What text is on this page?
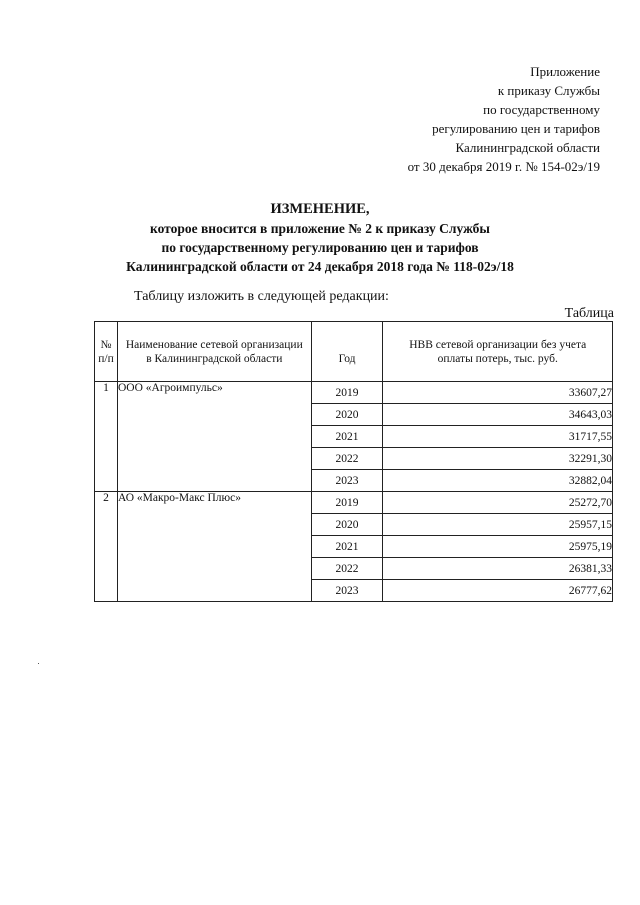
Приложение
к приказу Службы
по государственному
регулированию цен и тарифов
Калининградской области
от 30 декабря 2019 г. № 154-02э/19
ИЗМЕНЕНИЕ,
которое вносится в приложение № 2 к приказу Службы
по государственному регулированию цен и тарифов
Калининградской области от 24 декабря 2018 года № 118-02э/18
Таблицу изложить в следующей редакции:
Таблица
№ п/п	Наименование сетевой организации в Калининградской области	Год	НВВ сетевой организации без учета оплаты потерь, тыс. руб.
1	ООО «Агроимпульс»	2019	33607,27
		2020	34643,03
		2021	31717,55
		2022	32291,30
		2023	32882,04
2	АО «Макро-Макс Плюс»	2019	25272,70
		2020	25957,15
		2021	25975,19
		2022	26381,33
		2023	26777,62
